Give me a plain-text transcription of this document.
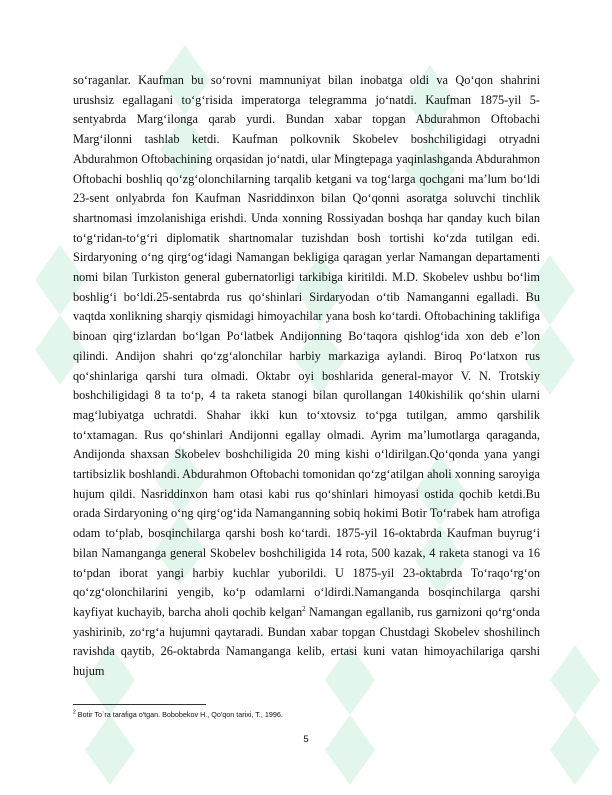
so‘raganlar. Kaufman bu so‘rovni mamnuniyat bilan inobatga oldi va Qo‘qon shahrini urushsiz egallagani to‘g‘risida imperatorga telegramma jo‘natdi. Kaufman 1875-yil 5-sentyabrda Marg‘ilonga qarab yurdi. Bundan xabar topgan Abdurahmon Oftobachi Marg‘ilonni tashlab ketdi. Kaufman polkovnik Skobelev boshchiligidagi otryadni Abdurahmon Oftobachining orqasidan jo‘natdi, ular Mingtepaga yaqinlashganda Abdurahmon Oftobachi boshliq qo‘zg‘olonchilarning tarqalib ketgani va tog‘larga qochgani ma’lum bo‘ldi 23-sent onlyabrda fon Kaufman Nasriddinxon bilan Qo‘qonni asoratga soluvchi tinchlik shartnomasi imzolanishiga erishdi. Unda xonning Rossiyadan boshqa har qanday kuch bilan to‘g‘ridan-to‘g‘ri diplomatik shartnomalar tuzishdan bosh tortishi ko‘zda tutilgan edi. Sirdaryoning o‘ng qirg‘og‘idagi Namangan bekligiga qaragan yerlar Namangan departamenti nomi bilan Turkiston general gubernatorligi tarkibiga kiritildi. M.D. Skobelev ushbu bo‘lim boshlig‘i bo‘ldi.25-sentabrda rus qo‘shinlari Sirdaryodan o‘tib Namanganni egalladi. Bu vaqtda xonlikning sharqiy qismidagi himoyachilar yana bosh ko‘tardi. Oftobachining taklifiga binoan qirg‘izlardan bo‘lgan Po‘latbek Andijonning Bo‘taqora qishlog‘ida xon deb e’lon qilindi. Andijon shahri qo‘zg‘alonchilar harbiy markaziga aylandi. Biroq Po‘latxon rus qo‘shinlariga qarshi tura olmadi. Oktabr oyi boshlarida general-mayor V. N. Trotskiy boshchiligidagi 8 ta to‘p, 4 ta raketa stanogi bilan qurollangan 140kishilik qo‘shin ularni mag‘lubiyatga uchratdi. Shahar ikki kun to‘xtovsiz to‘pga tutilgan, ammo qarshilik to‘xtamagan. Rus qo‘shinlari Andijonni egallay olmadi. Ayrim ma’lumotlarga qaraganda, Andijonda shaxsan Skobelev boshchiligida 20 ming kishi o‘ldirilgan.Qo‘qonda yana yangi tartibsizlik boshlandi. Abdurahmon Oftobachi tomonidan qo‘zg‘atilgan aholi xonning saroyiga hujum qildi. Nasriddinxon ham otasi kabi rus qo‘shinlari himoyasi ostida qochib ketdi.Bu orada Sirdaryoning o‘ng qirg‘og‘ida Namanganning sobiq hokimi Botir To‘rabek ham atrofiga odam to‘plab, bosqinchilarga qarshi bosh ko‘tardi. 1875-yil 16-oktabrda Kaufman buyrug‘i bilan Namanganga general Skobelev boshchiligida 14 rota, 500 kazak, 4 raketa stanogi va 16 to‘pdan iborat yangi harbiy kuchlar yuborildi. U 1875-yil 23-oktabrda To‘raqo‘rg‘on qo‘zg‘olonchilarini yengib, ko‘p odamlarni o‘ldirdi.Namanganda bosqinchilarga qarshi kayfiyat kuchayib, barcha aholi qochib kelgan$^2$ Namangan egallanib, rus garnizoni qo‘rg‘onda yashirinib, zo‘rg‘a hujumni qaytaradi. Bundan xabar topgan Chustdagi Skobelev shoshilinch ravishda qaytib, 26-oktabrda Namanganga kelib, ertasi kuni vatan himoyachilariga qarshi hujum

$^2$ Botir To`ra tarafiga o'tgan. Bobobekov H., Qo'qon tarixi, T., 1996.

5
